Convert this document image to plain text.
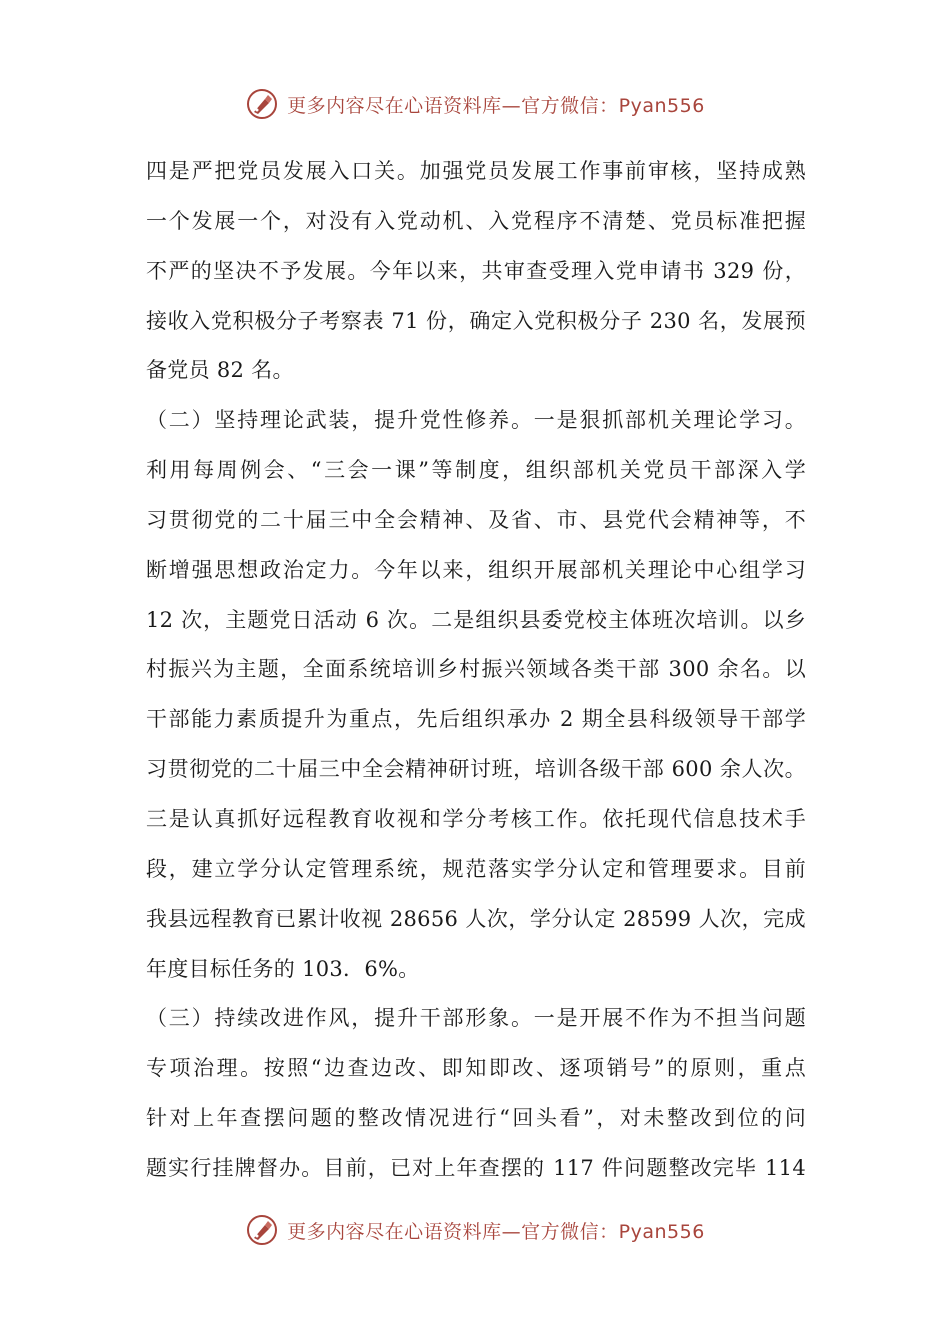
更多内容尽在心语资料库—官方微信：Pyan556
四是严把党员发展入口关。加强党员发展工作事前审核，坚持成熟
一个发展一个，对没有入党动机、入党程序不清楚、党员标准把握
不严的坚决不予发展。今年以来，共审查受理入党申请书 329 份，
接收入党积极分子考察表 71 份，确定入党积极分子 230 名，发展预
备党员 82 名。
（二）坚持理论武装，提升党性修养。一是狠抓部机关理论学习。
利用每周例会、“三会一课”等制度，组织部机关党员干部深入学
习贯彻党的二十届三中全会精神、及省、市、县党代会精神等，不
断增强思想政治定力。今年以来，组织开展部机关理论中心组学习
12 次，主题党日活动 6 次。二是组织县委党校主体班次培训。以乡
村振兴为主题，全面系统培训乡村振兴领域各类干部 300 余名。以
干部能力素质提升为重点，先后组织承办 2 期全县科级领导干部学
习贯彻党的二十届三中全会精神研讨班，培训各级干部 600 余人次。
三是认真抓好远程教育收视和学分考核工作。依托现代信息技术手
段，建立学分认定管理系统，规范落实学分认定和管理要求。目前
我县远程教育已累计收视 28656 人次，学分认定 28599 人次，完成
年度目标任务的 103．6%。
（三）持续改进作风，提升干部形象。一是开展不作为不担当问题
专项治理。按照“边查边改、即知即改、逐项销号”的原则，重点
针对上年查摆问题的整改情况进行“回头看”，对未整改到位的问
题实行挂牌督办。目前，已对上年查摆的 117 件问题整改完毕 114
更多内容尽在心语资料库—官方微信：Pyan556
